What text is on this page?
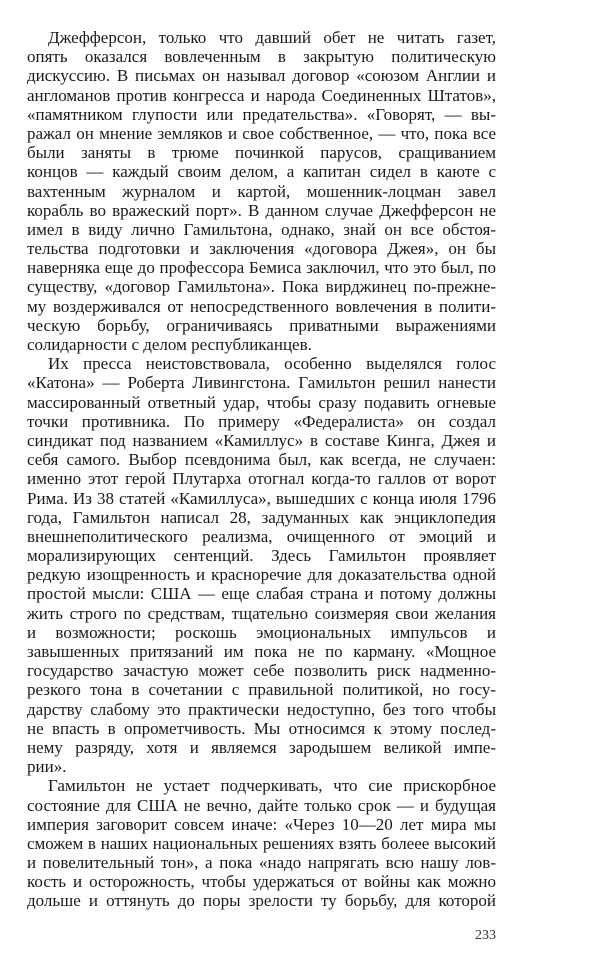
Джефферсон, только что давший обет не читать газет,
опять оказался вовлеченным в закрытую политическую
дискуссию. В письмах он называл договор «союзом Англии и
англоманов против конгресса и народа Соединенных Штатов»,
«памятником глупости или предательства». «Говорят, — вы-
ражал он мнение земляков и свое собственное, — что, пока все
были заняты в трюме починкой парусов, сращиванием
концов — каждый своим делом, а капитан сидел в каюте с
вахтенным журналом и картой, мошенник-лоцман завел
корабль во вражеский порт». В данном случае Джефферсон не
имел в виду лично Гамильтона, однако, знай он все обстоя-
тельства подготовки и заключения «договора Джея», он бы
наверняка еще до профессора Бемиса заключил, что это был, по
существу, «договор Гамильтона». Пока вирджинец по-прежне-
му воздерживался от непосредственного вовлечения в полити-
ческую борьбу, ограничиваясь приватными выражениями
солидарности с делом республиканцев.
Их пресса неистовствовала, особенно выделялся голос
«Катона» — Роберта Ливингстона. Гамильтон решил нанести
массированный ответный удар, чтобы сразу подавить огневые
точки противника. По примеру «Федералиста» он создал
синдикат под названием «Камиллус» в составе Кинга, Джея и
себя самого. Выбор псевдонима был, как всегда, не случаен:
именно этот герой Плутарха отогнал когда-то галлов от ворот
Рима. Из 38 статей «Камиллуса», вышедших с конца июля 1796
года, Гамильтон написал 28, задуманных как энциклопедия
внешнеполитического реализма, очищенного от эмоций и
морализирующих сентенций. Здесь Гамильтон проявляет
редкую изощренность и красноречие для доказательства одной
простой мысли: США — еще слабая страна и потому должны
жить строго по средствам, тщательно соизмеряя свои желания
и возможности; роскошь эмоциональных импульсов и
завышенных притязаний им пока не по карману. «Мощное
государство зачастую может себе позволить риск надменно-
резкого тона в сочетании с правильной политикой, но госу-
дарству слабому это практически недоступно, без того чтобы
не впасть в опрометчивость. Мы относимся к этому послед-
нему разряду, хотя и являемся зародышем великой импе-
рии».
Гамильтон не устает подчеркивать, что сие прискорбное
состояние для США не вечно, дайте только срок — и будущая
империя заговорит совсем иначе: «Через 10—20 лет мира мы
сможем в наших национальных решениях взять болеее высокий
и повелительный тон», а пока «надо напрягать всю нашу лов-
кость и осторожность, чтобы удержаться от войны как можно
дольше и оттянуть до поры зрелости ту борьбу, для которой
233
